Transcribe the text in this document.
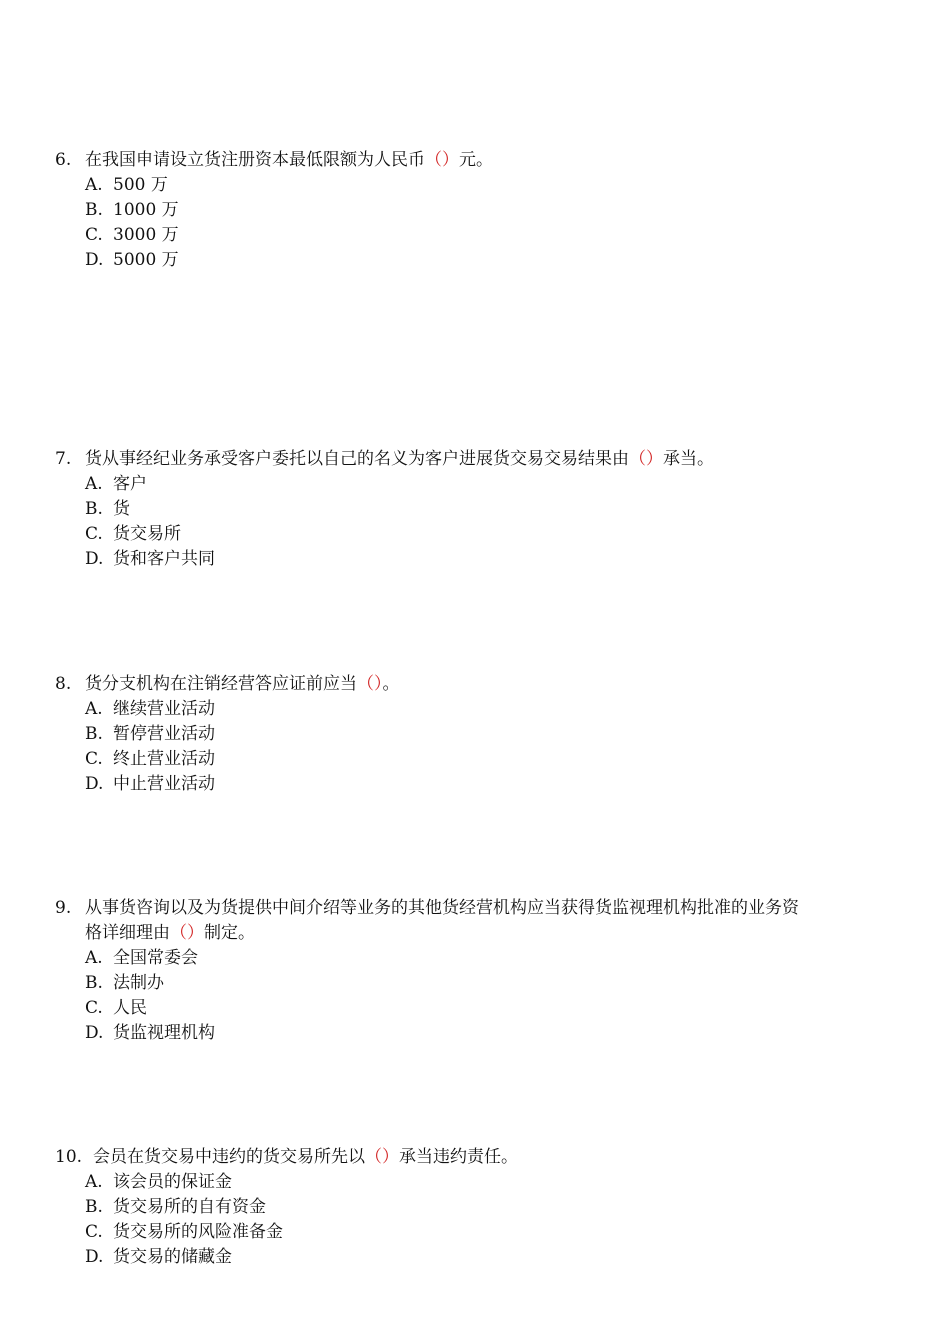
6. 在我国申请设立货注册资本最低限额为人民币（）元。

A. 500 万
B. 1000 万
C. 3000 万
D. 5000 万

7. 货从事经纪业务承受客户委托以自己的名义为客户进展货交易交易结果由（）承当。

A. 客户
B. 货
C. 货交易所
D. 货和客户共同

8. 货分支机构在注销经营答应证前应当（）。

A. 继续营业活动
B. 暂停营业活动
C. 终止营业活动
D. 中止营业活动

9. 从事货咨询以及为货提供中间介绍等业务的其他货经营机构应当获得货监视理机构批准的业务资
格详细理由（）制定。

A. 全国常委会
B. 法制办
C. 人民
D. 货监视理机构

10. 会员在货交易中违约的货交易所先以（）承当违约责任。

A. 该会员的保证金
B. 货交易所的自有资金
C. 货交易所的风险准备金
D. 货交易的储藏金
